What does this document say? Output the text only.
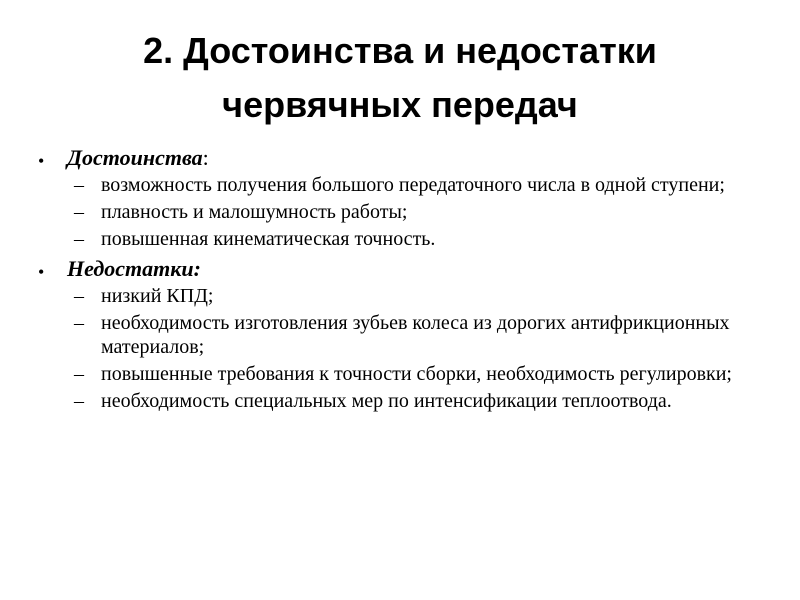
2. Достоинства и недостатки
червячных передач
• Достоинства:
– возможность получения большого передаточного числа в одной ступени;
– плавность и малошумность работы;
– повышенная кинематическая точность.
• Недостатки:
– низкий КПД;
– необходимость изготовления зубьев колеса из дорогих антифрикционных материалов;
– повышенные требования к точности сборки, необходимость регулировки;
– необходимость специальных мер по интенсификации теплоотвода.
